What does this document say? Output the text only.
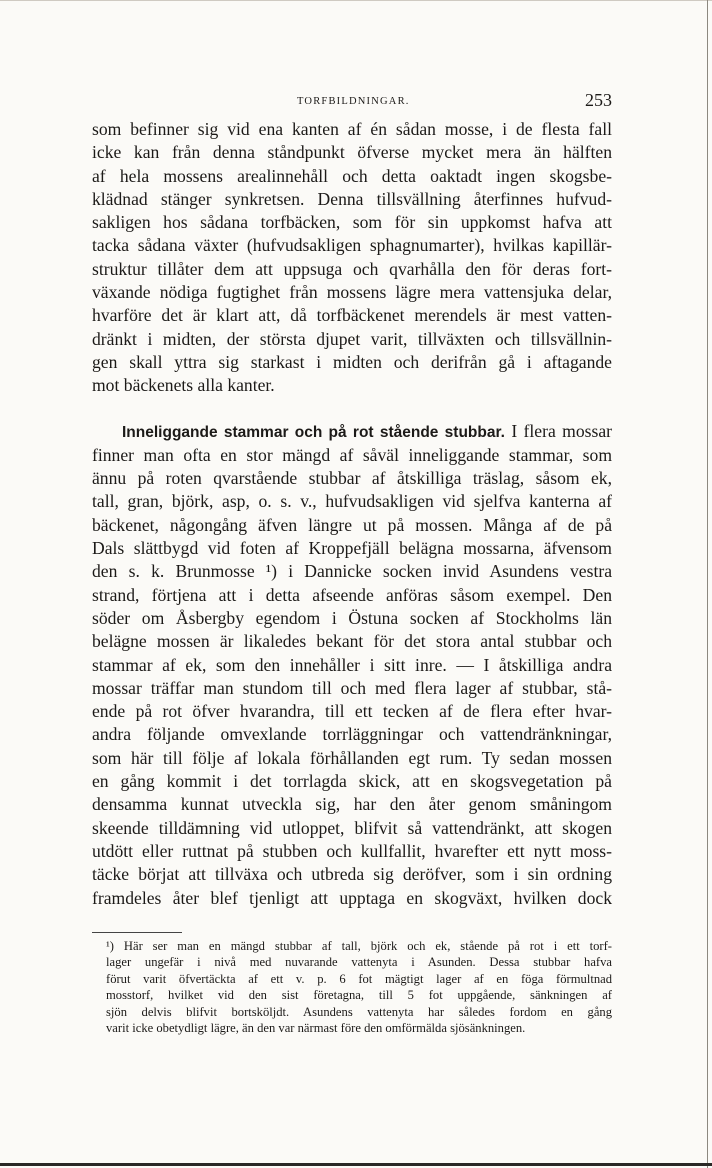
TORFBILDNINGAR.	253
som befinner sig vid ena kanten af én sådan mosse, i de flesta fall
icke kan från denna ståndpunkt öfverse mycket mera än hälften
af hela mossens arealinnehåll och detta oaktadt ingen skogsbe-
klädnad stänger synkretsen. Denna tillsvällning återfinnes hufvud-
sakligen hos sådana torfbäcken, som för sin uppkomst hafva att
tacka sådana växter (hufvudsakligen sphagnumarter), hvilkas kapillär-
struktur tillåter dem att uppsuga och qvarhålla den för deras fort-
växande nödiga fugtighet från mossens lägre mera vattensjuka delar,
hvarföre det är klart att, då torfbäckenet merendels är mest vatten-
dränkt i midten, der största djupet varit, tillväxten och tillsvällnin-
gen skall yttra sig starkast i midten och derifrån gå i aftagande
mot bäckenets alla kanter.
Inneliggande stammar och på rot stående stubbar. I flera mossar
finner man ofta en stor mängd af såväl inneliggande stammar, som
ännu på roten qvarstående stubbar af åtskilliga träslag, såsom ek,
tall, gran, björk, asp, o. s. v., hufvudsakligen vid sjelfva kanterna af
bäckenet, någongång äfven längre ut på mossen. Många af de på
Dals slättbygd vid foten af Kroppefjäll belägna mossarna, äfvensom
den s. k. Brunmosse ¹) i Dannicke socken invid Asundens vestra
strand, förtjena att i detta afseende anföras såsom exempel. Den
söder om Åsbergby egendom i Östuna socken af Stockholms län
belägne mossen är likaledes bekant för det stora antal stubbar och
stammar af ek, som den innehåller i sitt inre. — I åtskilliga andra
mossar träffar man stundom till och med flera lager af stubbar, stå-
ende på rot öfver hvarandra, till ett tecken af de flera efter hvar-
andra följande omvexlande torrläggningar och vattendränkningar,
som här till följe af lokala förhållanden egt rum. Ty sedan mossen
en gång kommit i det torrlagda skick, att en skogsvegetation på
densamma kunnat utveckla sig, har den åter genom småningom
skeende tilldämning vid utloppet, blifvit så vattendränkt, att skogen
utdött eller ruttnat på stubben och kullfallit, hvarefter ett nytt moss-
täcke börjat att tillväxa och utbreda sig deröfver, som i sin ordning
framdeles åter blef tjenligt att upptaga en skogväxt, hvilken dock
¹) Här ser man en mängd stubbar af tall, björk och ek, stående på rot i ett torf-
lager ungefär i nivå med nuvarande vattenyta i Asunden. Dessa stubbar hafva
förut varit öfvertäckta af ett v. p. 6 fot mägtigt lager af en föga förmultnad
mosstorf, hvilket vid den sist företagna, till 5 fot uppgående, sänkningen af
sjön delvis blifvit bortsköljdt. Asundens vattenyta har således fordom en gång
varit icke obetydligt lägre, än den var närmast före den omförmälda sjösänkningen.
